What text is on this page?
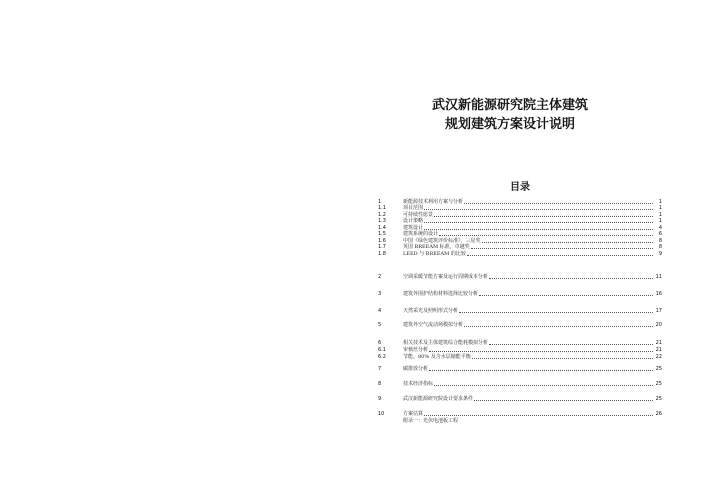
武汉新能源研究院主体建筑
规划建筑方案设计说明
目录
1	新能源技术利用方案与分析	1
1.1	项目范围	1
1.2	可持续性愿景	1
1.3	设计策略	1
1.4	建筑设计	4
1.5	建筑系统的设计	6
1.6	中国《绿色建筑评价标准》，三星奖	8
1.7	英国 BREEAM 标准，卓越奖	8
1.8	LEED 与 BREEAM 的比较	9
2	空调采暖节能方案及运行周期成本分析	11
3	建筑外围护结构材料选择比较分析	16
4	天然采光及照明形式分析	17
5	建筑外空气流动场模拟分析	20
6	相关技术及主体建筑综合能耗模拟分析	21
6.1	审核丝分析	21
6.2	节能、80% 及含水层储能平衡	22
7	碳排放分析	25
8	技术经济指标	25
9	武汉新能源研究院设计要求条件	25
10	方案估算	26
附录一：光伏电池板工程
